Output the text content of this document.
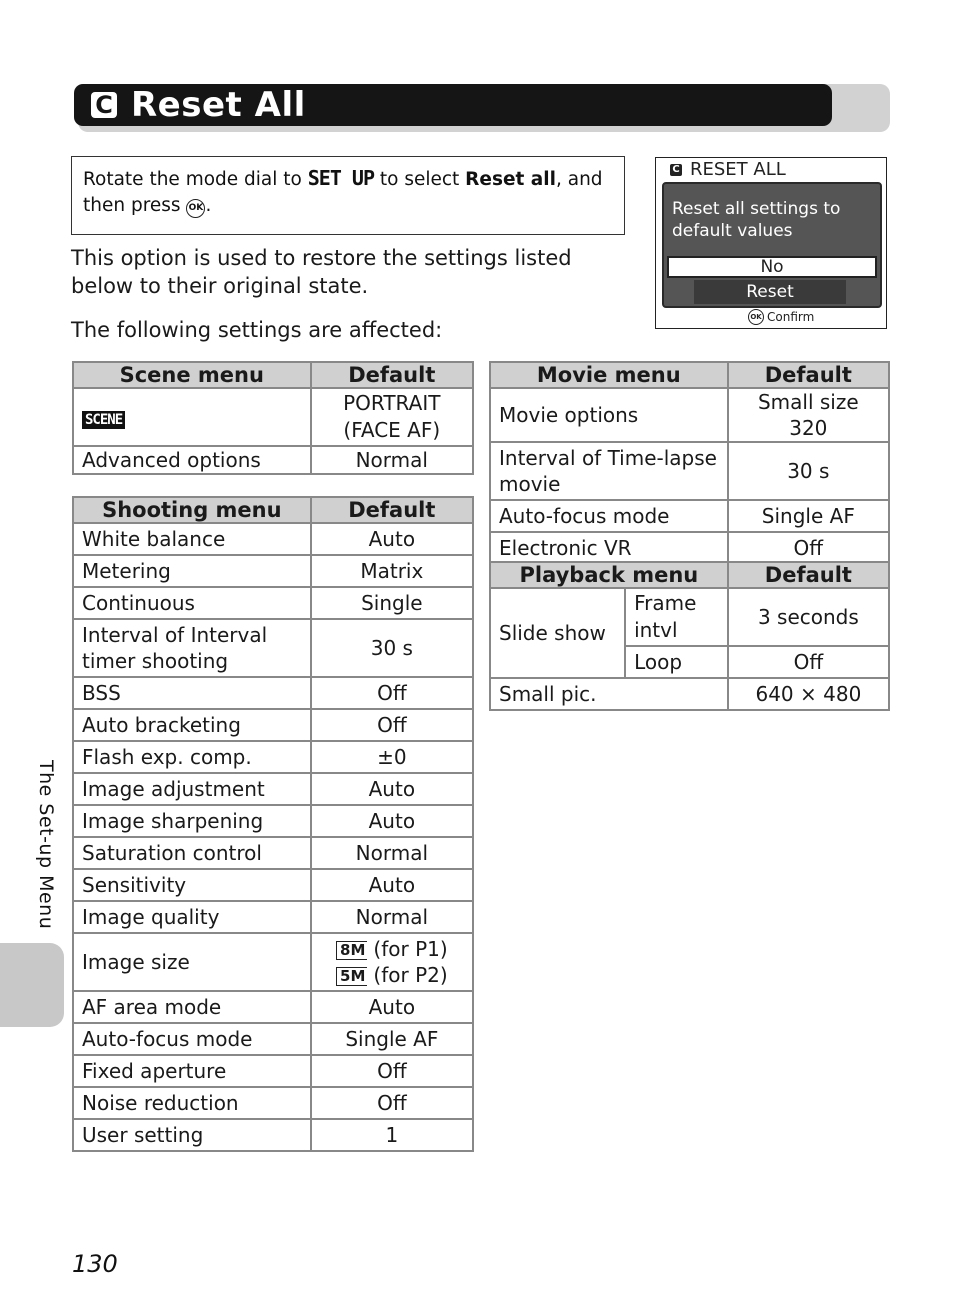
C Reset All
Rotate the mode dial to SET UP to select Reset all, and then press OK .
This option is used to restore the settings listed below to their original state.
The following settings are affected:
C RESET ALL
Reset all settings to default values
No
Reset
OK Confirm
Scene menu	Default
SCENE	PORTRAIT
(FACE AF)
Advanced options	Normal
Shooting menu	Default
White balance	Auto
Metering	Matrix
Continuous	Single
Interval of Interval timer shooting	30 s
BSS	Off
Auto bracketing	Off
Flash exp. comp.	±0
Image adjustment	Auto
Image sharpening	Auto
Saturation control	Normal
Sensitivity	Auto
Image quality	Normal
Image size	8M (for P1)
5M (for P2)
AF area mode	Auto
Auto-focus mode	Single AF
Fixed aperture	Off
Noise reduction	Off
User setting	1
Movie menu	Default
Movie options	Small size 320
Interval of Time-lapse movie	30 s
Auto-focus mode	Single AF
Electronic VR	Off
Playback menu		Default
Slide show	Frame intvl	3 seconds
	Loop	Off
Small pic.		640 × 480
The Set-up Menu
130
